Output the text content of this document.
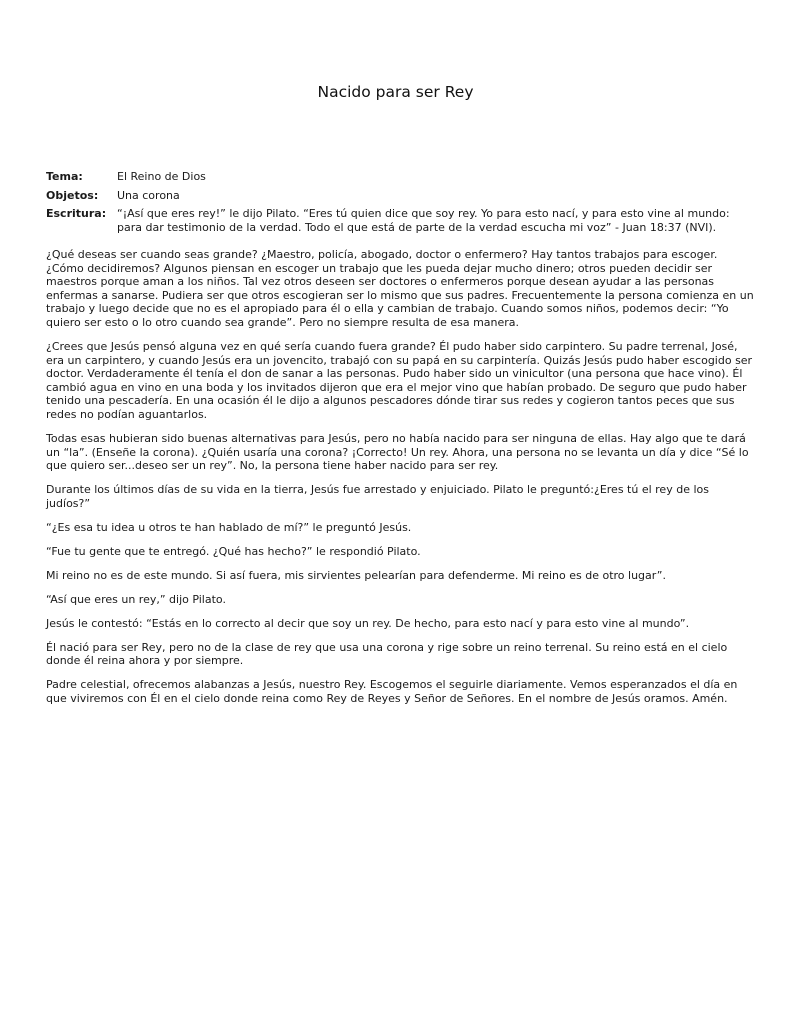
Nacido para ser Rey
Tema:	El Reino de Dios
Objetos:	Una corona
Escritura: “¡Así que eres rey!” le dijo Pilato. “Eres tú quien dice que soy rey. Yo para esto nací, y para esto vine al mundo: para dar testimonio de la verdad. Todo el que está de parte de la verdad escucha mi voz” - Juan 18:37 (NVI).

¿Qué deseas ser cuando seas grande? ¿Maestro, policía, abogado, doctor o enfermero? Hay tantos trabajos para escoger. ¿Cómo decidiremos? Algunos piensan en escoger un trabajo que les pueda dejar mucho dinero; otros pueden decidir ser maestros porque aman a los niños. Tal vez otros deseen ser doctores o enfermeros porque desean ayudar a las personas enfermas a sanarse. Pudiera ser que otros escogieran ser lo mismo que sus padres. Frecuentemente la persona comienza en un trabajo y luego decide que no es el apropiado para él o ella y cambian de trabajo. Cuando somos niños, podemos decir: “Yo quiero ser esto o lo otro cuando sea grande”. Pero no siempre resulta de esa manera.

¿Crees que Jesús pensó alguna vez en qué sería cuando fuera grande? Él pudo haber sido carpintero. Su padre terrenal, José, era un carpintero, y cuando Jesús era un jovencito, trabajó con su papá en su carpintería. Quizás Jesús pudo haber escogido ser doctor. Verdaderamente él tenía el don de sanar a las personas. Pudo haber sido un vinicultor (una persona que hace vino). Él cambió agua en vino en una boda y los invitados dijeron que era el mejor vino que habían probado. De seguro que pudo haber tenido una pescadería. En una ocasión él le dijo a algunos pescadores dónde tirar sus redes y cogieron tantos peces que sus redes no podían aguantarlos.

Todas esas hubieran sido buenas alternativas para Jesús, pero no había nacido para ser ninguna de ellas. Hay algo que te dará un “la”. (Enseñe la corona). ¿Quién usaría una corona? ¡Correcto! Un rey. Ahora, una persona no se levanta un día y dice “Sé lo que quiero ser...deseo ser un rey”. No, la persona tiene haber nacido para ser rey.

Durante los últimos días de su vida en la tierra, Jesús fue arrestado y enjuiciado. Pilato le preguntó:¿Eres tú el rey de los judíos?”

“¿Es esa tu idea u otros te han hablado de mí?” le preguntó Jesús.

“Fue tu gente que te entregó. ¿Qué has hecho?” le respondió Pilato.

Mi reino no es de este mundo. Si así fuera, mis sirvientes pelearían para defenderme. Mi reino es de otro lugar”.

“Así que eres un rey,” dijo Pilato.

Jesús le contestó: “Estás en lo correcto al decir que soy un rey. De hecho, para esto nací y para esto vine al mundo”.

Él nació para ser Rey, pero no de la clase de rey que usa una corona y rige sobre un reino terrenal. Su reino está en el cielo donde él reina ahora y por siempre.

Padre celestial, ofrecemos alabanzas a Jesús, nuestro Rey. Escogemos el seguirle diariamente. Vemos esperanzados el día en que viviremos con Él en el cielo donde reina como Rey de Reyes y Señor de Señores. En el nombre de Jesús oramos. Amén.
